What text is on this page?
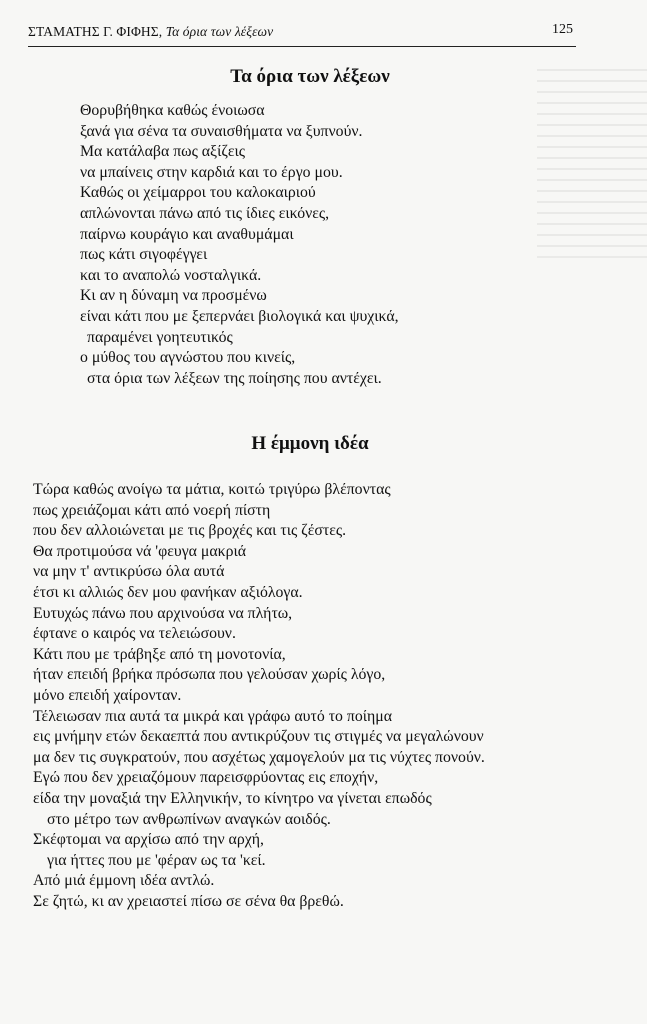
ΣΤΑΜΑΤΗΣ Γ. ΦΙΦΗΣ, Τα όρια των λέξεων	125
Τα όρια των λέξεων
Θορυβήθηκα καθώς ένοιωσα
ξανά για σένα τα συναισθήματα να ξυπνούν.
Μα κατάλαβα πως αξίζεις
να μπαίνεις στην καρδιά και το έργο μου.
Καθώς οι χείμαρροι του καλοκαιριού
απλώνονται πάνω από τις ίδιες εικόνες,
παίρνω κουράγιο και αναθυμάμαι
πως κάτι σιγοφέγγει
και το αναπολώ νοσταλγικά.
Κι αν η δύναμη να προσμένω
είναι κάτι που με ξεπερνάει βιολογικά και ψυχικά,
παραμένει γοητευτικός
ο μύθος του αγνώστου που κινείς,
στα όρια των λέξεων της ποίησης που αντέχει.
Η έμμονη ιδέα
Τώρα καθώς ανοίγω τα μάτια, κοιτώ τριγύρω βλέποντας
πως χρειάζομαι κάτι από νοερή πίστη
που δεν αλλοιώνεται με τις βροχές και τις ζέστες.
Θα προτιμούσα νά 'φευγα μακριά
να μην τ' αντικρύσω όλα αυτά
έτσι κι αλλιώς δεν μου φανήκαν αξιόλογα.
Ευτυχώς πάνω που αρχινούσα να πλήτω,
έφτανε ο καιρός να τελειώσουν.
Κάτι που με τράβηξε από τη μονοτονία,
ήταν επειδή βρήκα πρόσωπα που γελούσαν χωρίς λόγο,
μόνο επειδή χαίρονταν.
Τέλειωσαν πια αυτά τα μικρά και γράφω αυτό το ποίημα
εις μνήμην ετών δεκαεπτά που αντικρύζουν τις στιγμές να μεγαλώνουν
μα δεν τις συγκρατούν, που ασχέτως χαμογελούν μα τις νύχτες πονούν.
Εγώ που δεν χρειαζόμουν παρεισφρύοντας εις εποχήν,
είδα την μοναξιά την Ελληνικήν, το κίνητρο να γίνεται επωδός
στο μέτρο των ανθρωπίνων αναγκών αοιδός.
Σκέφτομαι να αρχίσω από την αρχή,
για ήττες που με 'φέραν ως τα 'κεί.
Από μιά έμμονη ιδέα αντλώ.
Σε ζητώ, κι αν χρειαστεί πίσω σε σένα θα βρεθώ.
